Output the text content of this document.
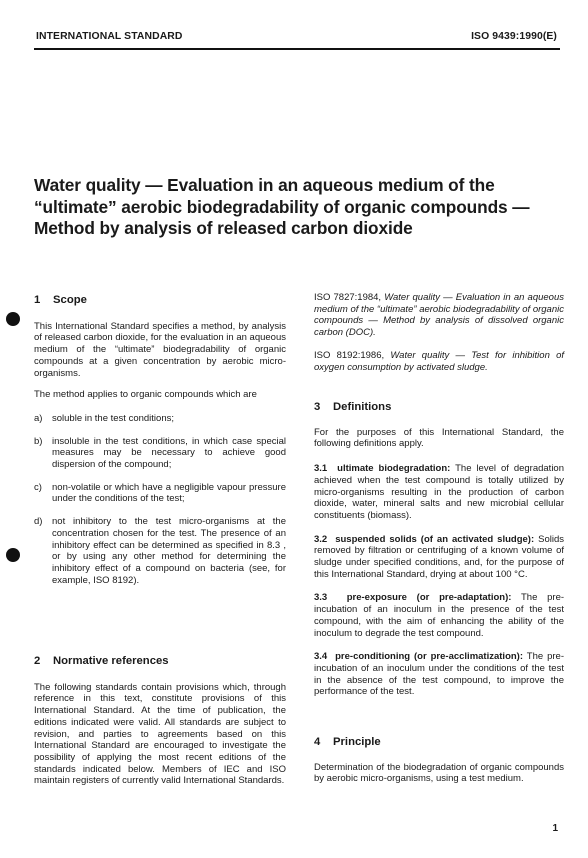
INTERNATIONAL STANDARD	ISO 9439:1990(E)
Water quality — Evaluation in an aqueous medium of the
“ultimate” aerobic biodegradability of organic compounds —
Method by analysis of released carbon dioxide
1 Scope

This International Standard specifies a method, by analysis of released carbon dioxide, for the evaluation in an aqueous medium of the “ultimate” biodegradability of organic compounds at a given concentration by aerobic micro-organisms.

The method applies to organic compounds which are

a) soluble in the test conditions;

b) insoluble in the test conditions, in which case special measures may be necessary to achieve good dispersion of the compound;

c) non-volatile or which have a negligible vapour pressure under the conditions of the test;

d) not inhibitory to the test micro-organisms at the concentration chosen for the test. The presence of an inhibitory effect can be determined as specified in 8.3 , or by using any other method for determining the inhibitory effect of a compound on bacteria (see, for example, ISO 8192).

2 Normative references

The following standards contain provisions which, through reference in this text, constitute provisions of this International Standard. At the time of publication, the editions indicated were valid. All standards are subject to revision, and parties to agreements based on this International Standard are encouraged to investigate the possibility of applying the most recent editions of the standards indicated below. Members of IEC and ISO maintain registers of currently valid International Standards.

ISO 7827:1984, Water quality — Evaluation in an aqueous medium of the “ultimate” aerobic biodegradability of organic compounds — Method by analysis of dissolved organic carbon (DOC).

ISO 8192:1986, Water quality — Test for inhibition of oxygen consumption by activated sludge.

3 Definitions

For the purposes of this International Standard, the following definitions apply.

3.1 ultimate biodegradation: The level of degradation achieved when the test compound is totally utilized by micro-organisms resulting in the production of carbon dioxide, water, mineral salts and new microbial cellular constituents (biomass).

3.2 suspended solids (of an activated sludge): Solids removed by filtration or centrifuging of a known volume of sludge under specified conditions, and, for the purpose of this International Standard, drying at about 100 °C.

3.3 pre-exposure (or pre-adaptation): The pre-incubation of an inoculum in the presence of the test compound, with the aim of enhancing the ability of the inoculum to degrade the test compound.

3.4 pre-conditioning (or pre-acclimatization): The pre-incubation of an inoculum under the conditions of the test in the absence of the test compound, to improve the performance of the test.

4 Principle

Determination of the biodegradation of organic compounds by aerobic micro-organisms, using a test medium.

1
